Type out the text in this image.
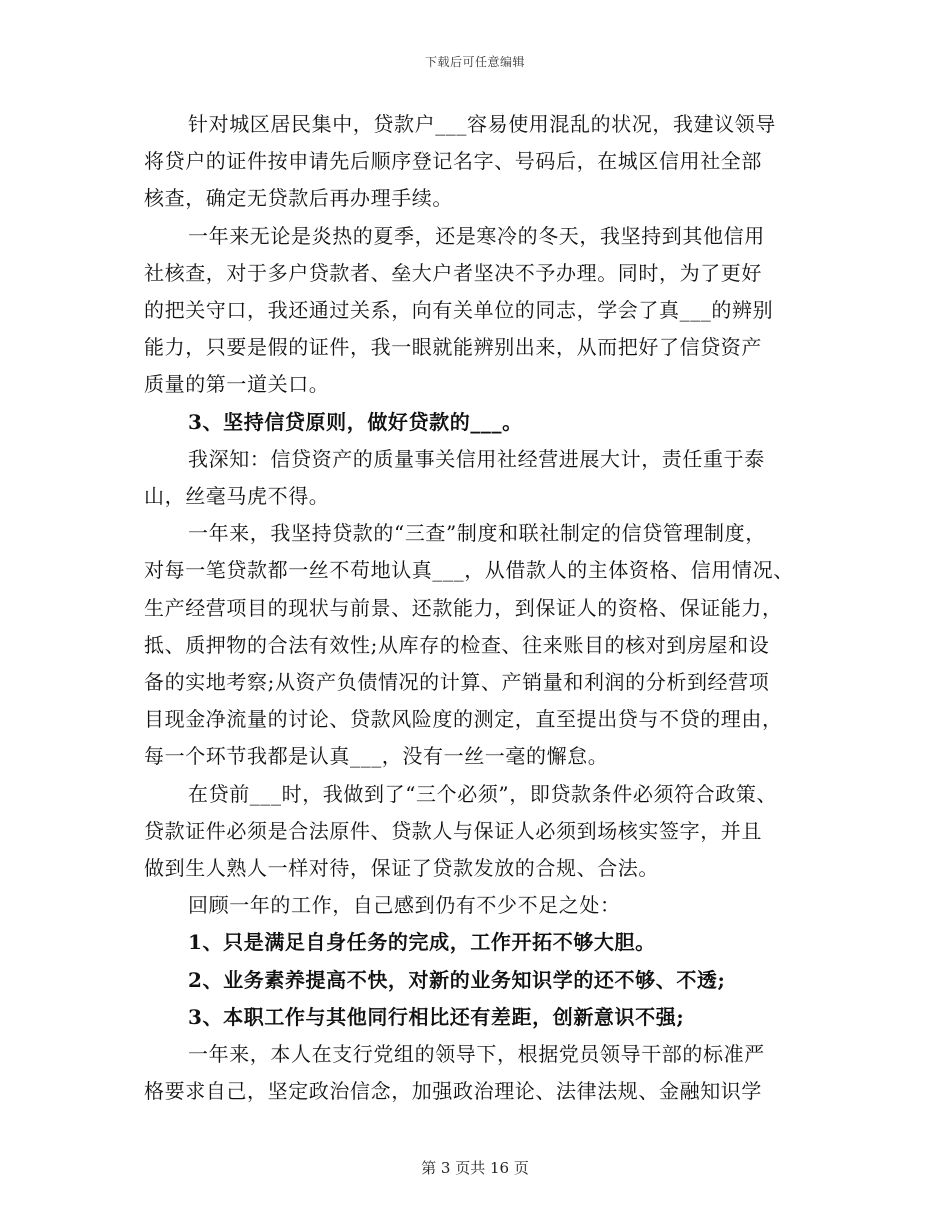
下载后可任意编辑

针对城区居民集中，贷款户___容易使用混乱的状况，我建议领导

将贷户的证件按申请先后顺序登记名字、号码后，在城区信用社全部

核查，确定无贷款后再办理手续。

一年来无论是炎热的夏季，还是寒冷的冬天，我坚持到其他信用

社核查，对于多户贷款者、垒大户者坚决不予办理。同时，为了更好

的把关守口，我还通过关系，向有关单位的同志，学会了真___的辨别

能力，只要是假的证件，我一眼就能辨别出来，从而把好了信贷资产

质量的第一道关口。

3、坚持信贷原则，做好贷款的___。

我深知：信贷资产的质量事关信用社经营进展大计，责任重于泰

山，丝毫马虎不得。

一年来，我坚持贷款的“三查”制度和联社制定的信贷管理制度，

对每一笔贷款都一丝不苟地认真___，从借款人的主体资格、信用情况、

生产经营项目的现状与前景、还款能力，到保证人的资格、保证能力，

抵、质押物的合法有效性;从库存的检查、往来账目的核对到房屋和设

备的实地考察;从资产负债情况的计算、产销量和利润的分析到经营项

目现金净流量的讨论、贷款风险度的测定，直至提出贷与不贷的理由，

每一个环节我都是认真___，没有一丝一毫的懈怠。

在贷前___时，我做到了“三个必须”，即贷款条件必须符合政策、

贷款证件必须是合法原件、贷款人与保证人必须到场核实签字，并且

做到生人熟人一样对待，保证了贷款发放的合规、合法。

回顾一年的工作，自己感到仍有不少不足之处：

1、只是满足自身任务的完成，工作开拓不够大胆。

2、业务素养提高不快，对新的业务知识学的还不够、不透;

3、本职工作与其他同行相比还有差距，创新意识不强;

一年来，本人在支行党组的领导下，根据党员领导干部的标准严

格要求自己，坚定政治信念，加强政治理论、法律法规、金融知识学

第 3 页共 16 页
